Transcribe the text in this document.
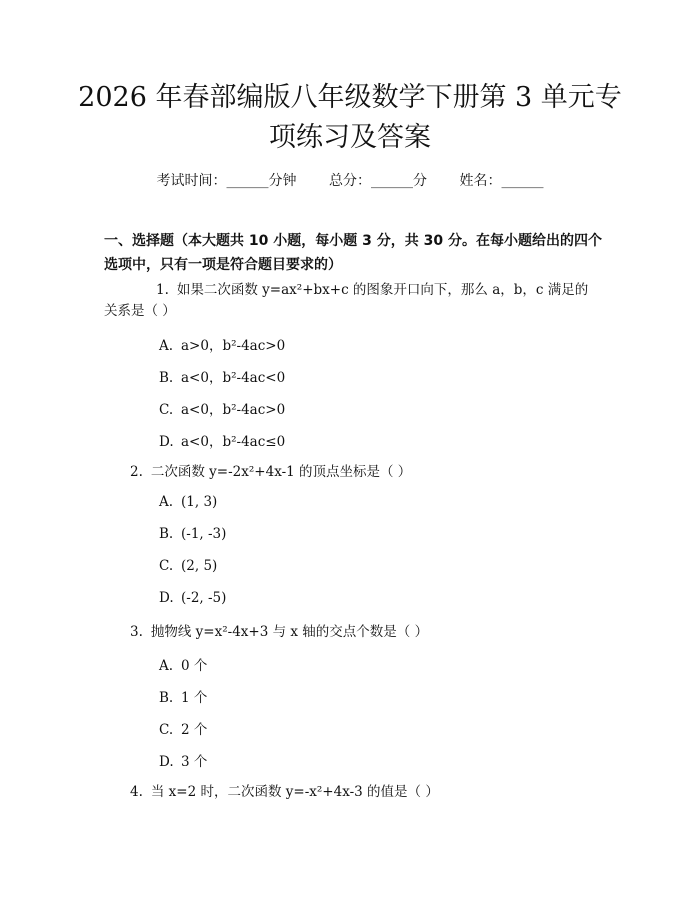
2026 年春部编版八年级数学下册第 3 单元专
项练习及答案
考试时间：______分钟 总分：______分 姓名：______
一、选择题（本大题共 10 小题，每小题 3 分，共 30 分。在每小题给出的四个选项中，只有一项是符合题目要求的）
1. 如果二次函数 y=ax²+bx+c 的图象开口向下，那么 a，b，c 满足的关系是（ ）
A. a>0，b²-4ac>0
B. a<0，b²-4ac<0
C. a<0，b²-4ac>0
D. a<0，b²-4ac≤0
2. 二次函数 y=-2x²+4x-1 的顶点坐标是（ ）
A. (1, 3)
B. (-1, -3)
C. (2, 5)
D. (-2, -5)
3. 抛物线 y=x²-4x+3 与 x 轴的交点个数是（ ）
A. 0 个
B. 1 个
C. 2 个
D. 3 个
4. 当 x=2 时，二次函数 y=-x²+4x-3 的值是（ ）
